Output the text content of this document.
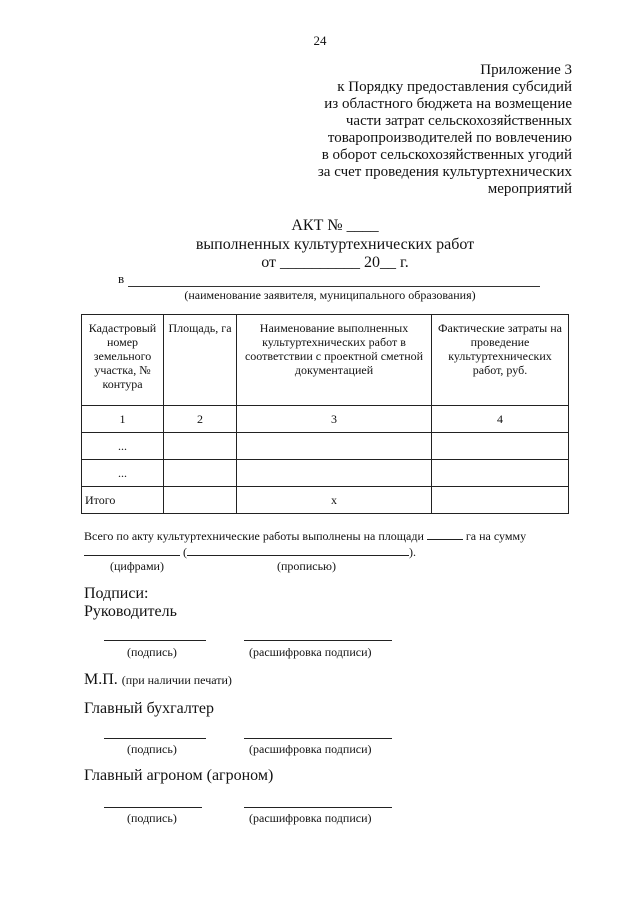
24
Приложение 3
к Порядку предоставления субсидий
из областного бюджета на возмещение
части затрат сельскохозяйственных
товаропроизводителей по вовлечению
в оборот сельскохозяйственных угодий
за счет проведения культуртехнических
мероприятий
АКТ № ____
выполненных культуртехнических работ
от __________ 20__ г.
в
(наименование заявителя, муниципального образования)
Кадастровый номер земельного участка, № контура	Площадь, га	Наименование выполненных культуртехнических работ в соответствии с проектной сметной документацией	Фактические затраты на проведение культуртехнических работ, руб.
1	2	3	4
...			
...			
Итого		х	
Всего по акту культуртехнические работы выполнены на площади	га на сумму
(	).
(цифрами)	(прописью)
Подписи:
Руководитель
(подпись)	(расшифровка подписи)
М.П. (при наличии печати)
Главный бухгалтер
(подпись)	(расшифровка подписи)
Главный агроном (агроном)
(подпись)	(расшифровка подписи)
